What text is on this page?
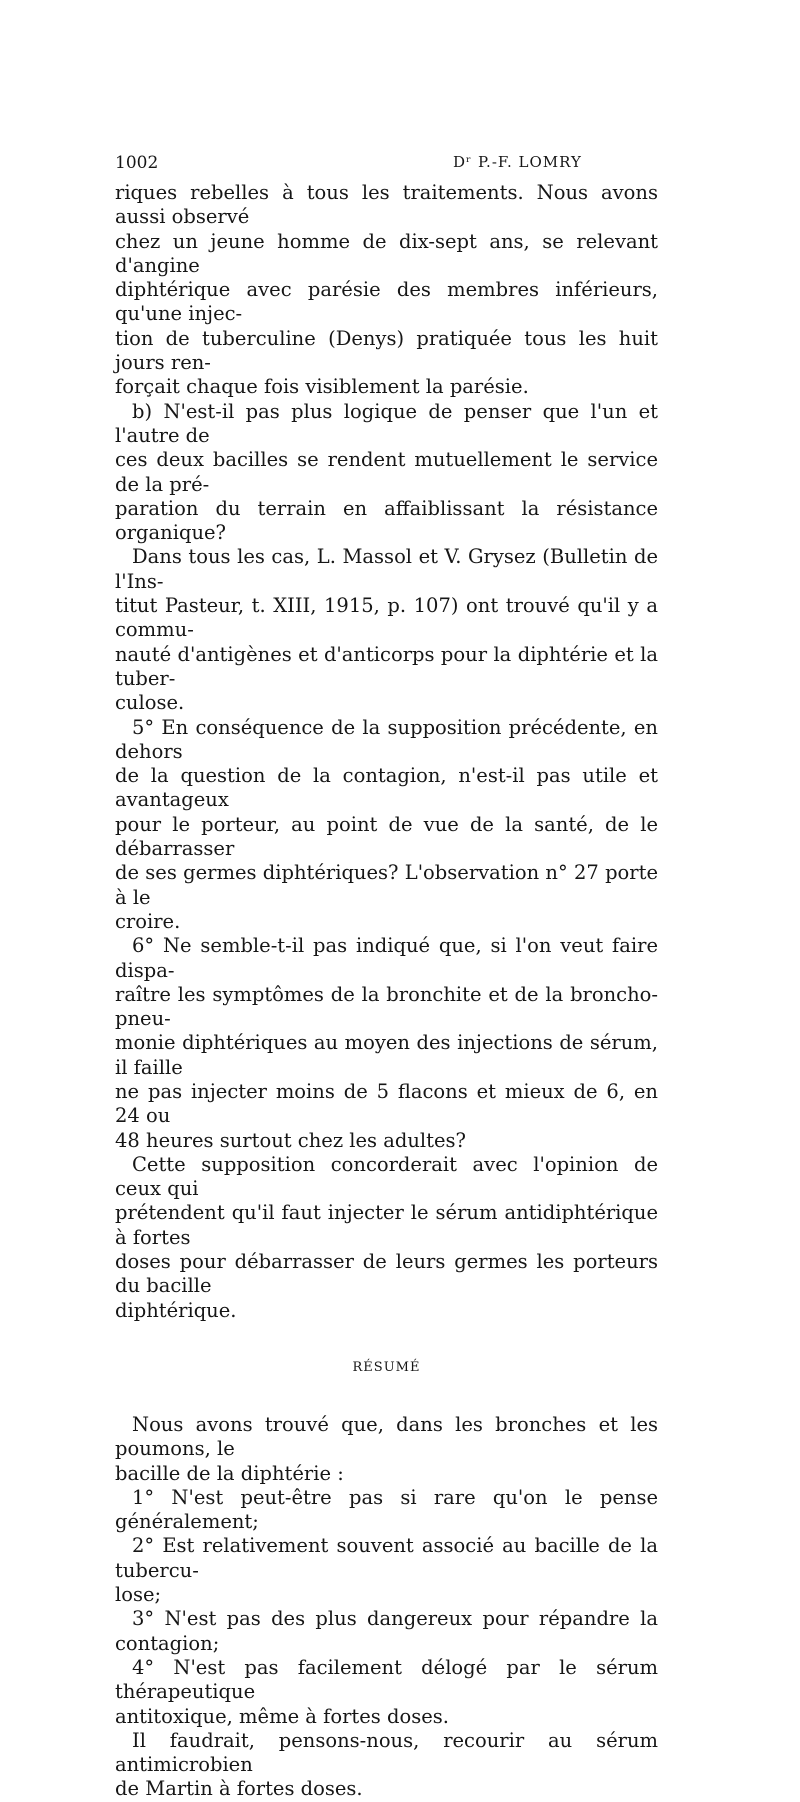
1002	Dʳ P.-F. LOMRY

riques rebelles à tous les traitements. Nous avons aussi observé
chez un jeune homme de dix-sept ans, se relevant d'angine
diphtérique avec parésie des membres inférieurs, qu'une injec-
tion de tuberculine (Denys) pratiquée tous les huit jours ren-
forçait chaque fois visiblement la parésie.

b) N'est-il pas plus logique de penser que l'un et l'autre de
ces deux bacilles se rendent mutuellement le service de la pré-
paration du terrain en affaiblissant la résistance organique?

Dans tous les cas, L. Massol et V. Grysez (Bulletin de l'Ins-
titut Pasteur, t. XIII, 1915, p. 107) ont trouvé qu'il y a commu-
nauté d'antigènes et d'anticorps pour la diphtérie et la tuber-
culose.

5° En conséquence de la supposition précédente, en dehors
de la question de la contagion, n'est-il pas utile et avantageux
pour le porteur, au point de vue de la santé, de le débarrasser
de ses germes diphtériques? L'observation n° 27 porte à le
croire.

6° Ne semble-t-il pas indiqué que, si l'on veut faire dispa-
raître les symptômes de la bronchite et de la broncho-pneu-
monie diphtériques au moyen des injections de sérum, il faille
ne pas injecter moins de 5 flacons et mieux de 6, en 24 ou
48 heures surtout chez les adultes?

Cette supposition concorderait avec l'opinion de ceux qui
prétendent qu'il faut injecter le sérum antidiphtérique à fortes
doses pour débarrasser de leurs germes les porteurs du bacille
diphtérique.

RÉSUMÉ

Nous avons trouvé que, dans les bronches et les poumons, le
bacille de la diphtérie :

1° N'est peut-être pas si rare qu'on le pense généralement;

2° Est relativement souvent associé au bacille de la tubercu-
lose;

3° N'est pas des plus dangereux pour répandre la contagion;

4° N'est pas facilement délogé par le sérum thérapeutique
antitoxique, même à fortes doses.

Il faudrait, pensons-nous, recourir au sérum antimicrobien
de Martin à fortes doses.
